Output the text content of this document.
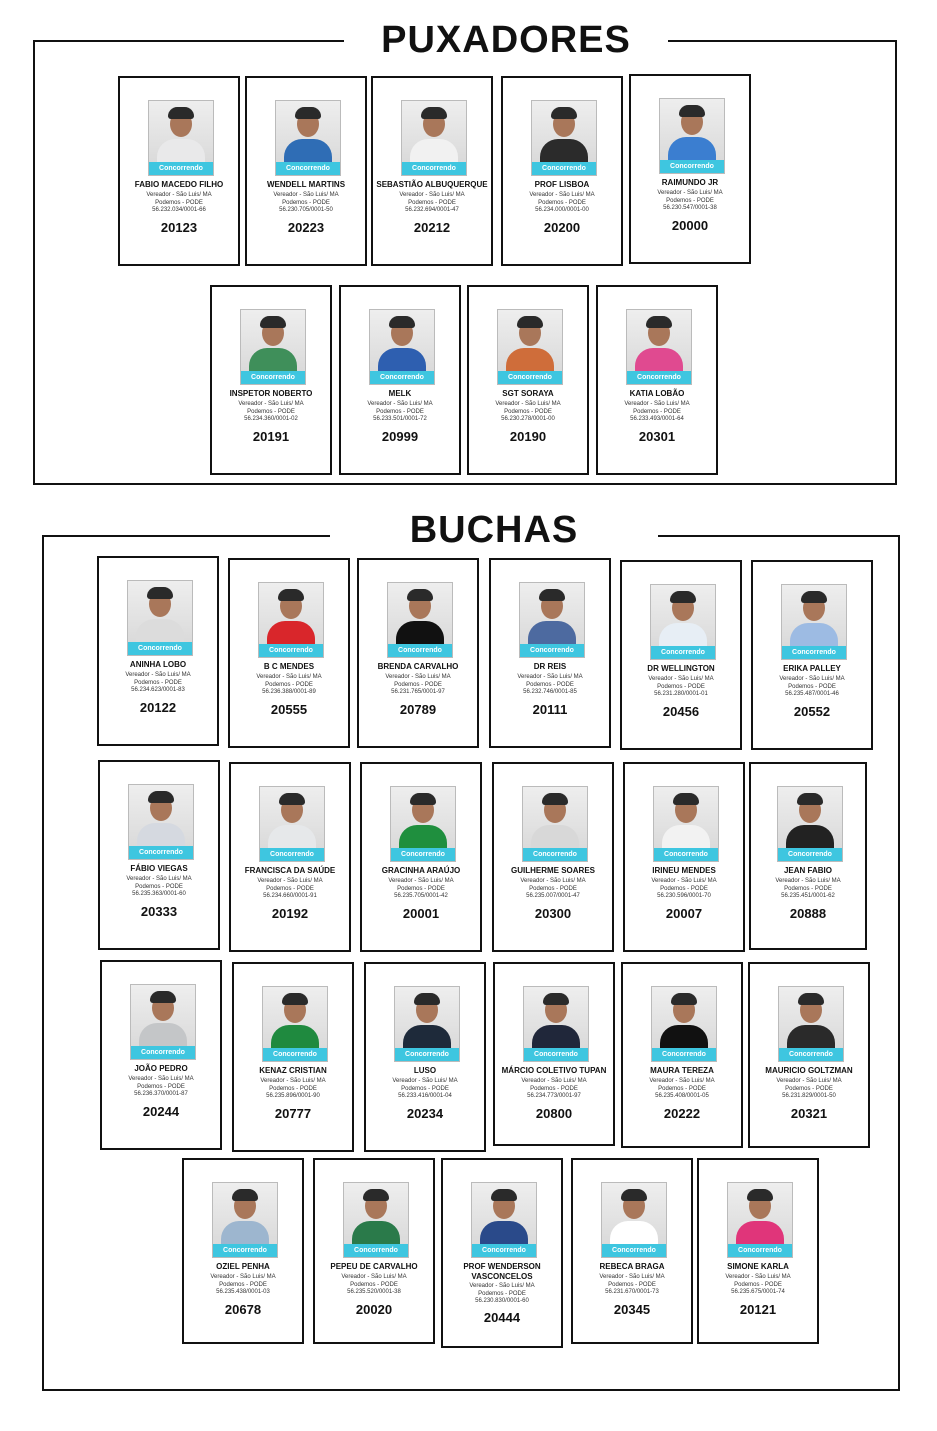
PUXADORES
BUCHAS
Concorrendo
FABIO MACEDO FILHO
Vereador - São Luis/ MA
Podemos - PODE
56.232.034/0001-66
20123
Concorrendo
WENDELL MARTINS
Vereador - São Luis/ MA
Podemos - PODE
56.230.705/0001-50
20223
Concorrendo
SEBASTIÃO ALBUQUERQUE
Vereador - São Luis/ MA
Podemos - PODE
56.232.694/0001-47
20212
Concorrendo
PROF LISBOA
Vereador - São Luis/ MA
Podemos - PODE
56.234.000/0001-00
20200
Concorrendo
RAIMUNDO JR
Vereador - São Luis/ MA
Podemos - PODE
56.230.547/0001-38
20000
Concorrendo
INSPETOR NOBERTO
Vereador - São Luis/ MA
Podemos - PODE
56.234.360/0001-02
20191
Concorrendo
MELK
Vereador - São Luis/ MA
Podemos - PODE
56.233.501/0001-72
20999
Concorrendo
SGT SORAYA
Vereador - São Luis/ MA
Podemos - PODE
56.230.278/0001-00
20190
Concorrendo
KATIA LOBÃO
Vereador - São Luis/ MA
Podemos - PODE
56.233.493/0001-64
20301
Concorrendo
ANINHA LOBO
Vereador - São Luis/ MA
Podemos - PODE
56.234.623/0001-83
20122
Concorrendo
B C MENDES
Vereador - São Luis/ MA
Podemos - PODE
56.236.388/0001-89
20555
Concorrendo
BRENDA CARVALHO
Vereador - São Luis/ MA
Podemos - PODE
56.231.765/0001-97
20789
Concorrendo
DR REIS
Vereador - São Luis/ MA
Podemos - PODE
56.232.746/0001-85
20111
Concorrendo
DR WELLINGTON
Vereador - São Luis/ MA
Podemos - PODE
56.231.280/0001-01
20456
Concorrendo
ERIKA PALLEY
Vereador - São Luis/ MA
Podemos - PODE
56.235.487/0001-46
20552
Concorrendo
FÁBIO VIEGAS
Vereador - São Luis/ MA
Podemos - PODE
56.235.363/0001-60
20333
Concorrendo
FRANCISCA DA SAÚDE
Vereador - São Luis/ MA
Podemos - PODE
56.234.660/0001-91
20192
Concorrendo
GRACINHA ARAÚJO
Vereador - São Luis/ MA
Podemos - PODE
56.235.705/0001-42
20001
Concorrendo
GUILHERME SOARES
Vereador - São Luis/ MA
Podemos - PODE
56.235.007/0001-47
20300
Concorrendo
IRINEU MENDES
Vereador - São Luis/ MA
Podemos - PODE
56.230.596/0001-70
20007
Concorrendo
JEAN FABIO
Vereador - São Luis/ MA
Podemos - PODE
56.235.451/0001-62
20888
Concorrendo
JOÃO PEDRO
Vereador - São Luis/ MA
Podemos - PODE
56.236.370/0001-87
20244
Concorrendo
KENAZ CRISTIAN
Vereador - São Luis/ MA
Podemos - PODE
56.235.896/0001-90
20777
Concorrendo
LUSO
Vereador - São Luis/ MA
Podemos - PODE
56.233.416/0001-04
20234
Concorrendo
MÁRCIO COLETIVO TUPAN
Vereador - São Luis/ MA
Podemos - PODE
56.234.773/0001-97
20800
Concorrendo
MAURA TEREZA
Vereador - São Luis/ MA
Podemos - PODE
56.235.408/0001-05
20222
Concorrendo
MAURICIO GOLTZMAN
Vereador - São Luis/ MA
Podemos - PODE
56.231.829/0001-50
20321
Concorrendo
OZIEL PENHA
Vereador - São Luis/ MA
Podemos - PODE
56.235.438/0001-03
20678
Concorrendo
PEPEU DE CARVALHO
Vereador - São Luis/ MA
Podemos - PODE
56.235.520/0001-38
20020
Concorrendo
PROF WENDERSON VASCONCELOS
Vereador - São Luis/ MA
Podemos - PODE
56.230.830/0001-60
20444
Concorrendo
REBECA BRAGA
Vereador - São Luis/ MA
Podemos - PODE
56.231.670/0001-73
20345
Concorrendo
SIMONE KARLA
Vereador - São Luis/ MA
Podemos - PODE
56.235.675/0001-74
20121
